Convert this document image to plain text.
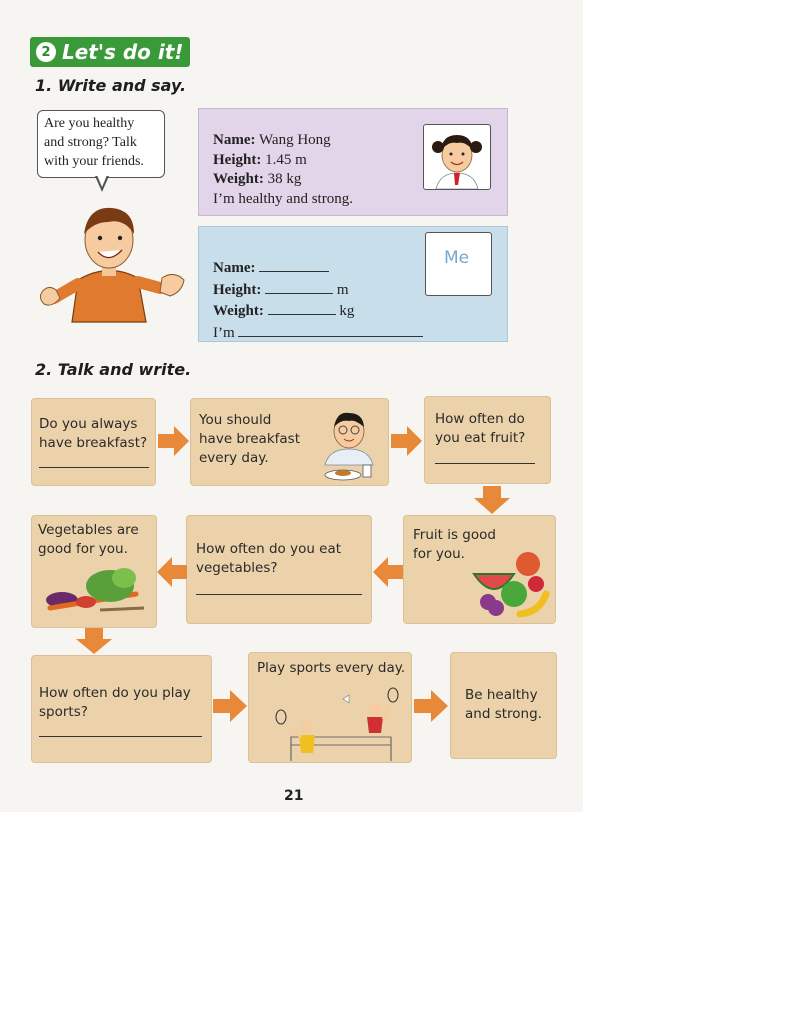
2 Let's do it!
1. Write and say.
Are you healthy
and strong? Talk
with your friends.
Name: Wang Hong
Height: 1.45 m
Weight: 38 kg
I’m healthy and strong.
Name:
Height:	m
Weight:	kg
I’m
Me
2. Talk and write.
Do you always
have breakfast?
You should
have breakfast
every day.
How often do
you eat fruit?
Vegetables are
good for you.	How often do you eat
vegetables?
Fruit is good
for you.
How often do you play
sports?
Play sports every day.
Be healthy
and strong.
21
